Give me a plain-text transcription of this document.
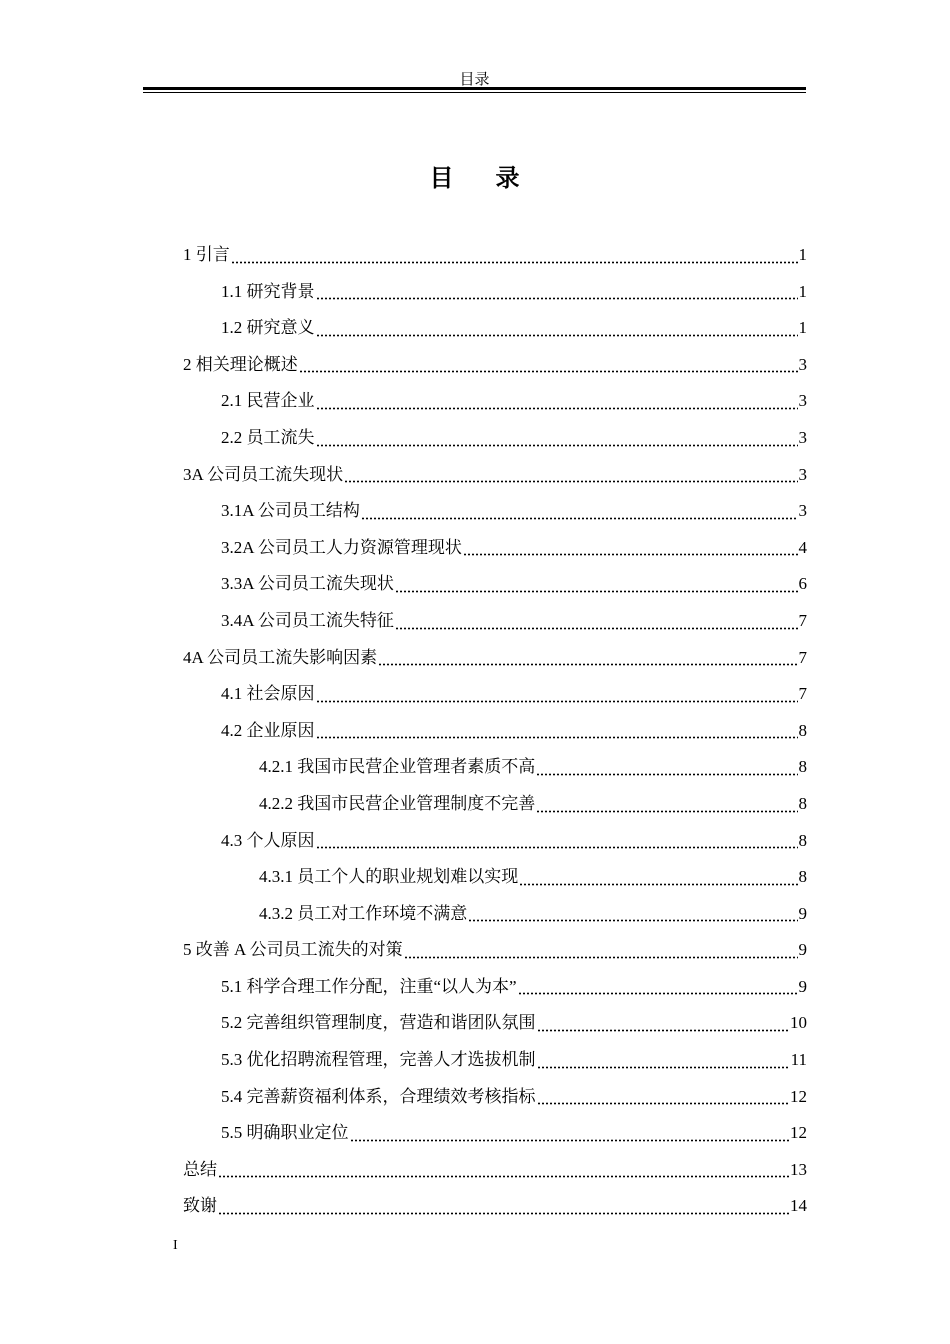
目录
目 录
1 引言	1
1.1 研究背景	1
1.2 研究意义	1
2 相关理论概述	3
2.1 民营企业	3
2.2 员工流失	3
3A 公司员工流失现状	3
3.1A 公司员工结构	3
3.2A 公司员工人力资源管理现状	4
3.3A 公司员工流失现状	6
3.4A 公司员工流失特征	7
4A 公司员工流失影响因素	7
4.1 社会原因	7
4.2 企业原因	8
4.2.1 我国市民营企业管理者素质不高	8
4.2.2 我国市民营企业管理制度不完善	8
4.3 个人原因	8
4.3.1 员工个人的职业规划难以实现	8
4.3.2 员工对工作环境不满意	9
5 改善 A 公司员工流失的对策	9
5.1 科学合理工作分配，注重“以人为本”	9
5.2 完善组织管理制度，营造和谐团队氛围	10
5.3 优化招聘流程管理，完善人才选拔机制	11
5.4 完善薪资福利体系，合理绩效考核指标	12
5.5 明确职业定位	12
总结	13
致谢	14
I
